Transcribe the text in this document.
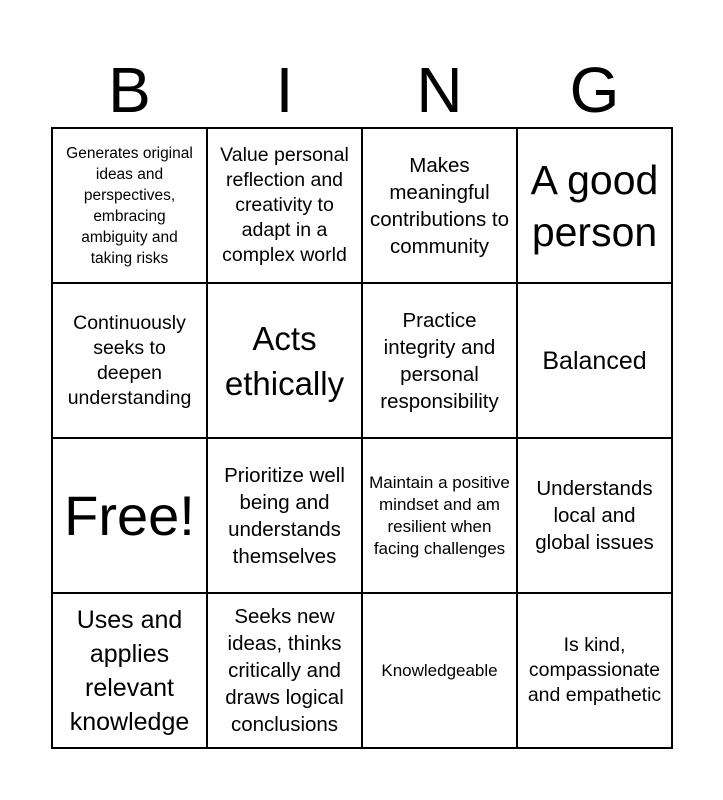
B	I	N	G
Generates original ideas and perspectives, embracing ambiguity and taking risks
Value personal reflection and creativity to adapt in a complex world
Makes meaningful contributions to community
A good person
Continuously seeks to deepen understanding
Acts ethically
Practice integrity and personal responsibility
Balanced
Free!
Prioritize well being and understands themselves
Maintain a positive mindset and am resilient when facing challenges
Understands local and global issues
Uses and applies relevant knowledge
Seeks new ideas, thinks critically and draws logical conclusions
Knowledgeable
Is kind, compassionate and empathetic
